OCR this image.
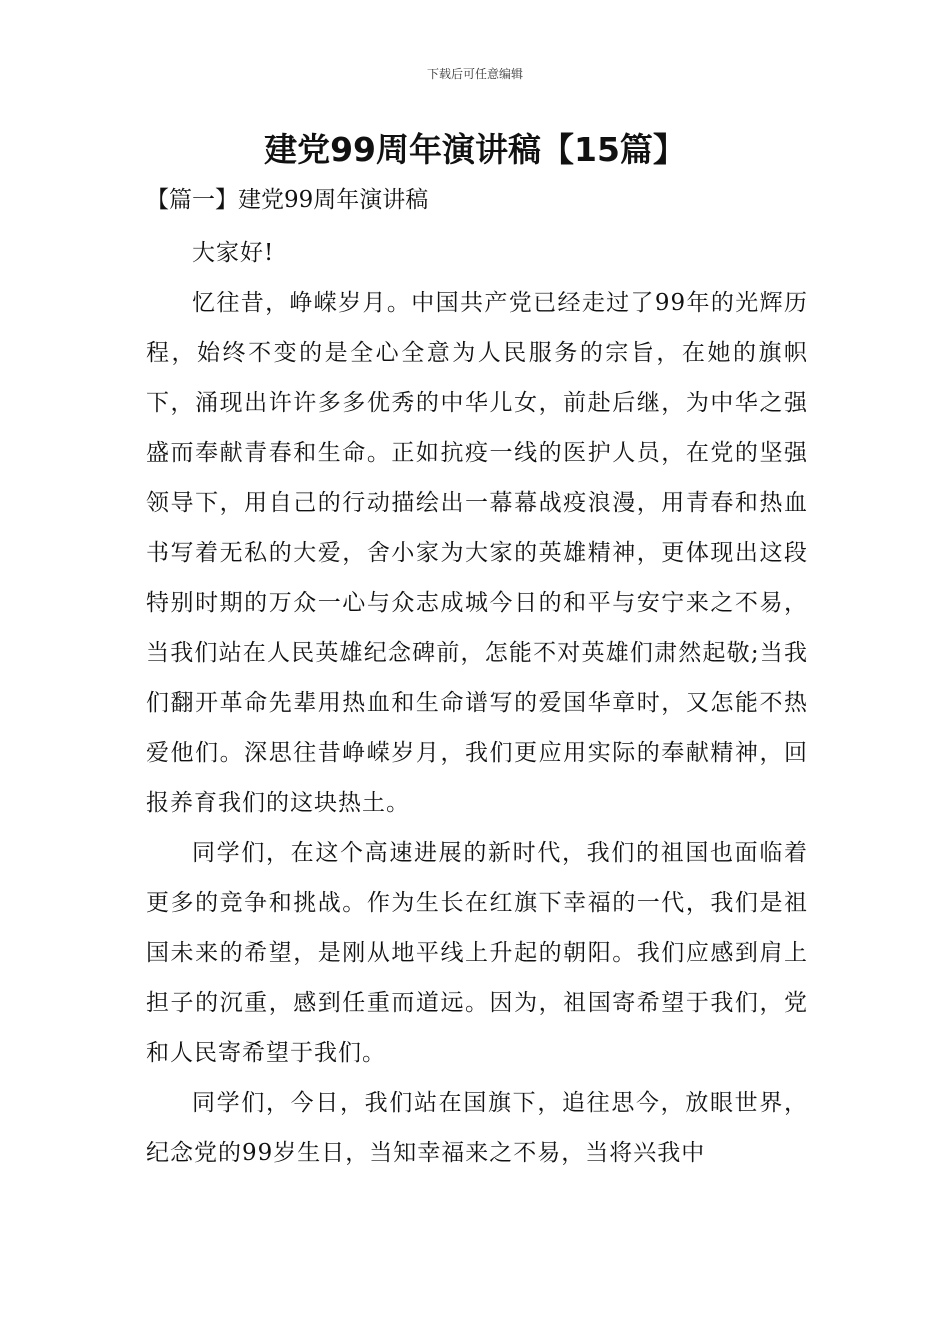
下载后可任意编辑
建党99周年演讲稿【15篇】
【篇一】建党99周年演讲稿

大家好!

忆往昔，峥嵘岁月。中国共产党已经走过了99年的光辉历程，始终不变的是全心全意为人民服务的宗旨，在她的旗帜下，涌现出许许多多优秀的中华儿女，前赴后继，为中华之强盛而奉献青春和生命。正如抗疫一线的医护人员，在党的坚强领导下，用自己的行动描绘出一幕幕战疫浪漫，用青春和热血书写着无私的大爱，舍小家为大家的英雄精神，更体现出这段特别时期的万众一心与众志成城今日的和平与安宁来之不易，当我们站在人民英雄纪念碑前，怎能不对英雄们肃然起敬;当我们翻开革命先辈用热血和生命谱写的爱国华章时，又怎能不热爱他们。深思往昔峥嵘岁月，我们更应用实际的奉献精神，回报养育我们的这块热土。

同学们，在这个高速进展的新时代，我们的祖国也面临着更多的竞争和挑战。作为生长在红旗下幸福的一代，我们是祖国未来的希望，是刚从地平线上升起的朝阳。我们应感到肩上担子的沉重，感到任重而道远。因为，祖国寄希望于我们，党和人民寄希望于我们。

同学们，今日，我们站在国旗下，追往思今，放眼世界，纪念党的99岁生日，当知幸福来之不易，当将兴我中
